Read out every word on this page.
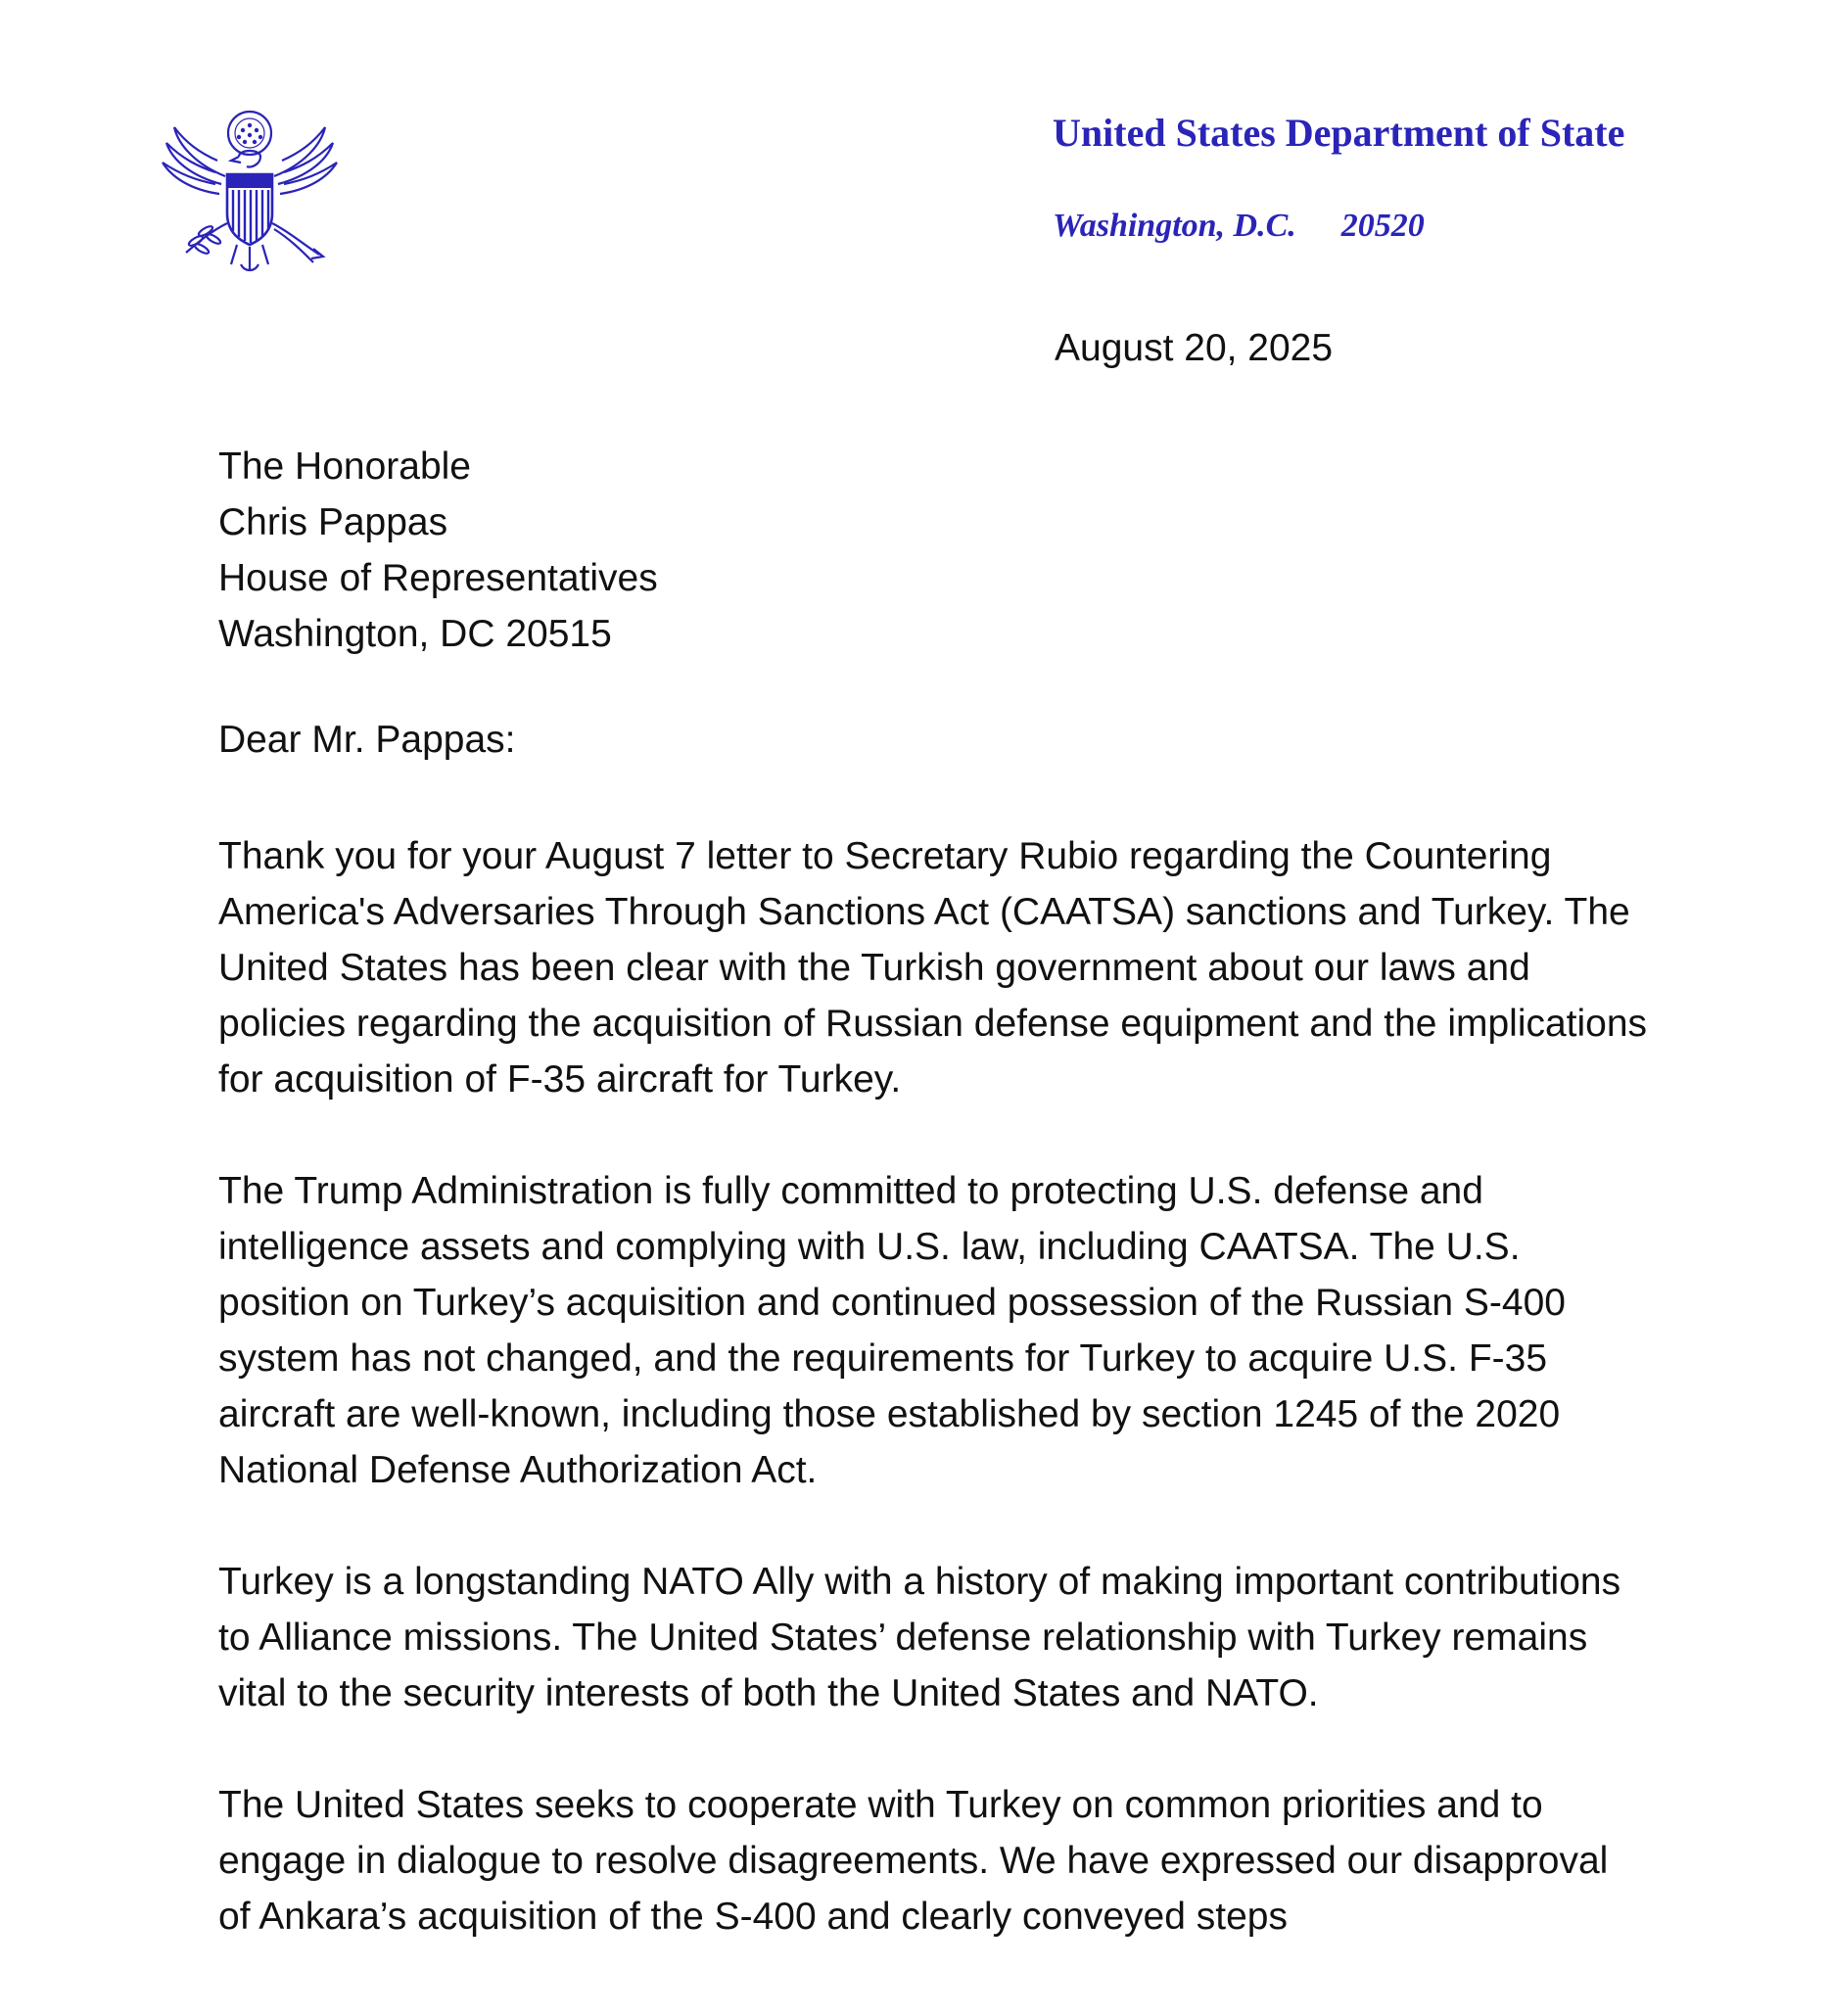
United States Department of State
Washington, D.C. 20520
August 20, 2025
The Honorable
Chris Pappas
House of Representatives
Washington, DC 20515
Dear Mr. Pappas:

Thank you for your August 7 letter to Secretary Rubio regarding the Countering America's Adversaries Through Sanctions Act (CAATSA) sanctions and Turkey. The United States has been clear with the Turkish government about our laws and policies regarding the acquisition of Russian defense equipment and the implications for acquisition of F-35 aircraft for Turkey.

The Trump Administration is fully committed to protecting U.S. defense and intelligence assets and complying with U.S. law, including CAATSA. The U.S. position on Turkey’s acquisition and continued possession of the Russian S-400 system has not changed, and the requirements for Turkey to acquire U.S. F-35 aircraft are well-known, including those established by section 1245 of the 2020 National Defense Authorization Act.

Turkey is a longstanding NATO Ally with a history of making important contributions to Alliance missions. The United States’ defense relationship with Turkey remains vital to the security interests of both the United States and NATO.

The United States seeks to cooperate with Turkey on common priorities and to engage in dialogue to resolve disagreements. We have expressed our disapproval of Ankara’s acquisition of the S-400 and clearly conveyed steps
